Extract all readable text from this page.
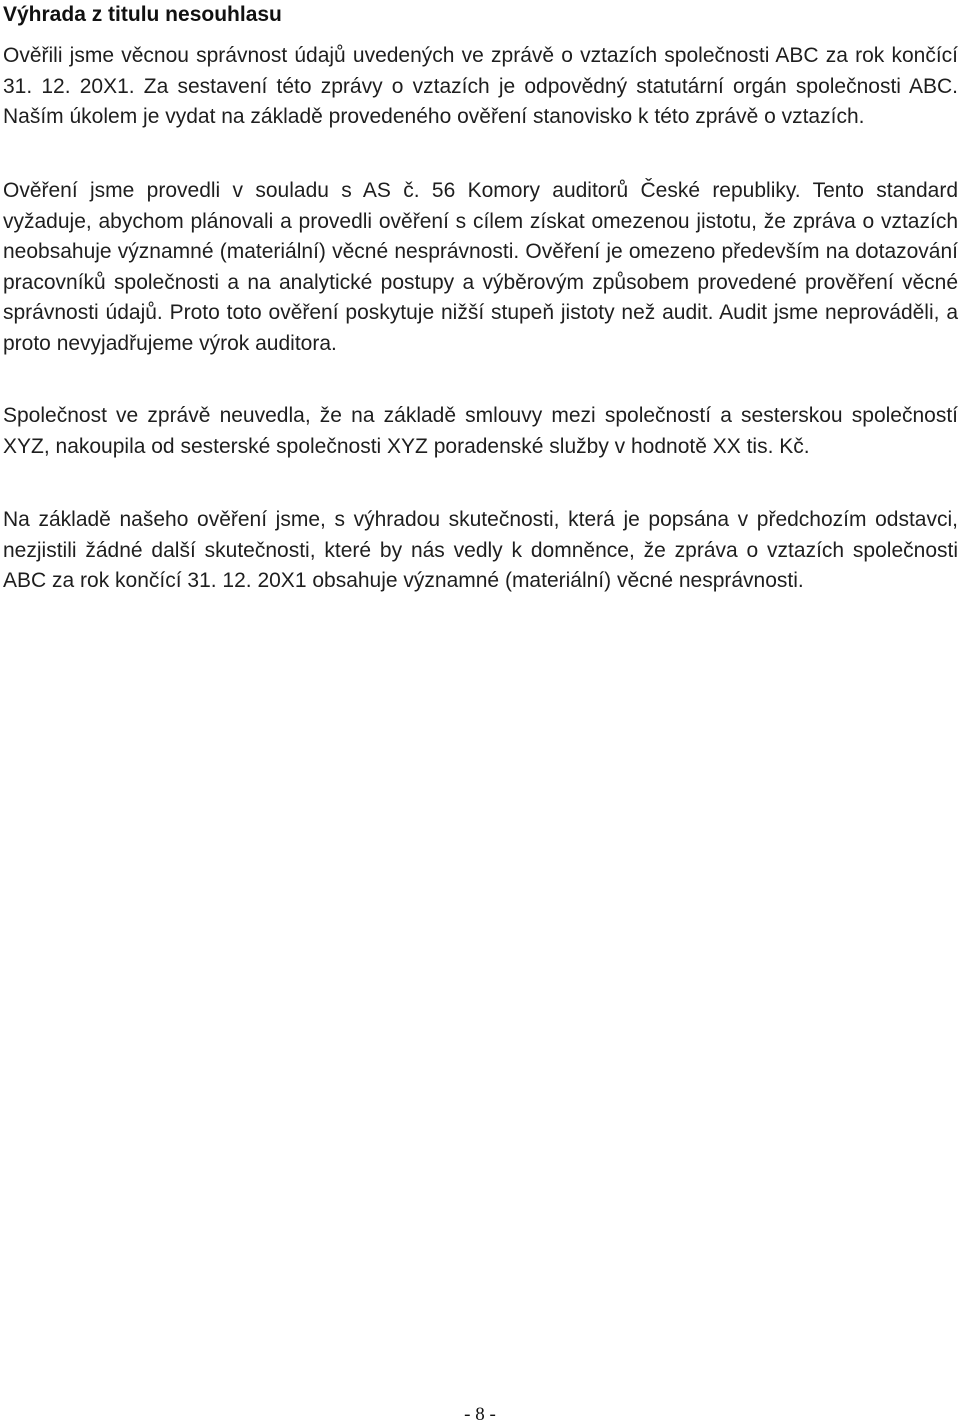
Výhrada z titulu nesouhlasu

Ověřili jsme věcnou správnost údajů uvedených ve zprávě o vztazích společnosti ABC za rok končící 31. 12. 20X1. Za sestavení této zprávy o vztazích je odpovědný statutární orgán společnosti ABC. Naším úkolem je vydat na základě provedeného ověření stanovisko k této zprávě o vztazích.

Ověření jsme provedli v souladu s AS č. 56 Komory auditorů České republiky. Tento standard vyžaduje, abychom plánovali a provedli ověření s cílem získat omezenou jistotu, že zpráva o vztazích neobsahuje významné (materiální) věcné nesprávnosti. Ověření je omezeno především na dotazování pracovníků společnosti a na analytické postupy a výběrovým způsobem provedené prověření věcné správnosti údajů. Proto toto ověření poskytuje nižší stupeň jistoty než audit. Audit jsme neprováděli, a proto nevyjadřujeme výrok auditora.

Společnost ve zprávě neuvedla, že na základě smlouvy mezi společností a sesterskou společností XYZ, nakoupila od sesterské společnosti XYZ poradenské služby v hodnotě XX tis. Kč.

Na základě našeho ověření jsme, s výhradou skutečnosti, která je popsána v předchozím odstavci, nezjistili žádné další skutečnosti, které by nás vedly k domněnce, že zpráva o vztazích společnosti ABC za rok končící 31. 12. 20X1 obsahuje významné (materiální) věcné nesprávnosti.

- 8 -
